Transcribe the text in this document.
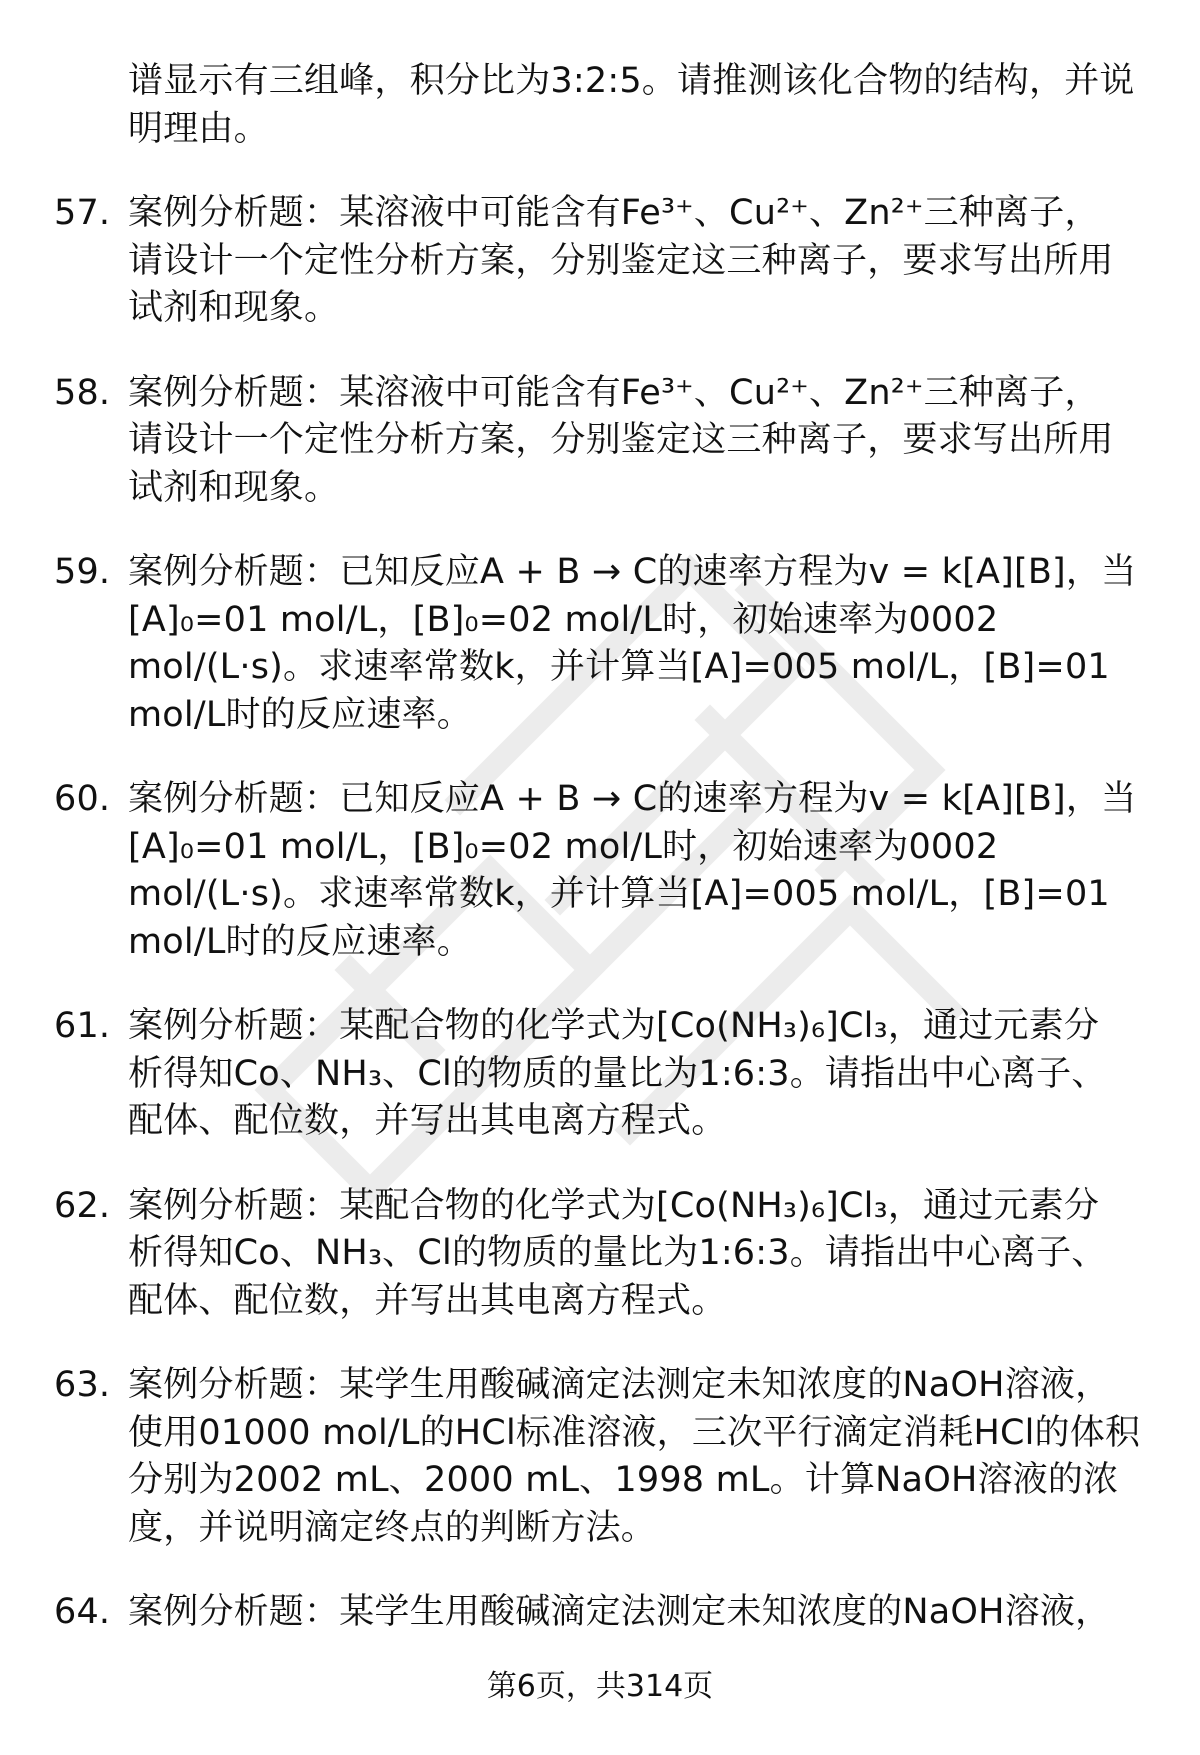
谱显示有三组峰，积分比为3:2:5。请推测该化合物的结构，并说
明理由。
57. 案例分析题：某溶液中可能含有Fe³⁺、Cu²⁺、Zn²⁺三种离子，
请设计一个定性分析方案，分别鉴定这三种离子，要求写出所用
试剂和现象。
58. 案例分析题：某溶液中可能含有Fe³⁺、Cu²⁺、Zn²⁺三种离子，
请设计一个定性分析方案，分别鉴定这三种离子，要求写出所用
试剂和现象。
59. 案例分析题：已知反应A + B → C的速率方程为v = k[A][B]，当
[A]₀=01 mol/L，[B]₀=02 mol/L时，初始速率为0002
mol/(L·s)。求速率常数k，并计算当[A]=005 mol/L，[B]=01
mol/L时的反应速率。
60. 案例分析题：已知反应A + B → C的速率方程为v = k[A][B]，当
[A]₀=01 mol/L，[B]₀=02 mol/L时，初始速率为0002
mol/(L·s)。求速率常数k，并计算当[A]=005 mol/L，[B]=01
mol/L时的反应速率。
61. 案例分析题：某配合物的化学式为[Co(NH₃)₆]Cl₃，通过元素分
析得知Co、NH₃、Cl的物质的量比为1:6:3。请指出中心离子、
配体、配位数，并写出其电离方程式。
62. 案例分析题：某配合物的化学式为[Co(NH₃)₆]Cl₃，通过元素分
析得知Co、NH₃、Cl的物质的量比为1:6:3。请指出中心离子、
配体、配位数，并写出其电离方程式。
63. 案例分析题：某学生用酸碱滴定法测定未知浓度的NaOH溶液，
使用01000 mol/L的HCl标准溶液，三次平行滴定消耗HCl的体积
分别为2002 mL、2000 mL、1998 mL。计算NaOH溶液的浓
度，并说明滴定终点的判断方法。
64. 案例分析题：某学生用酸碱滴定法测定未知浓度的NaOH溶液，
第6页，共314页
